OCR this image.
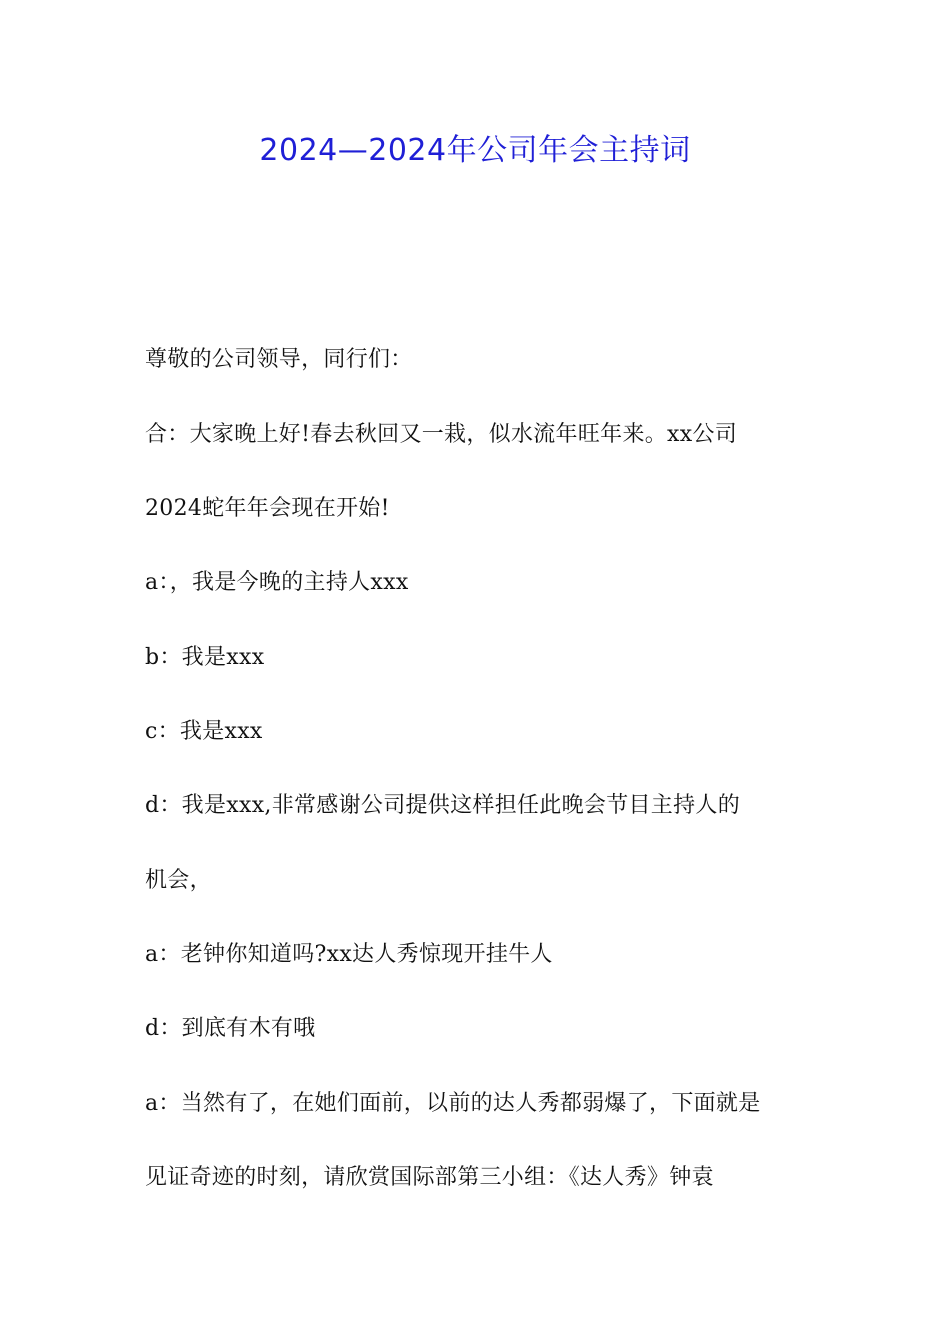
2024—2024年公司年会主持词
尊敬的公司领导，同行们：
合：大家晚上好!春去秋回又一栽，似水流年旺年来。xx公司
2024蛇年年会现在开始!
a：，我是今晚的主持人xxx
b：我是xxx
c：我是xxx
d：我是xxx,非常感谢公司提供这样担任此晚会节目主持人的
机会，
a：老钟你知道吗?xx达人秀惊现开挂牛人
d：到底有木有哦
a：当然有了，在她们面前，以前的达人秀都弱爆了，下面就是
见证奇迹的时刻，请欣赏国际部第三小组：《达人秀》钟袁
